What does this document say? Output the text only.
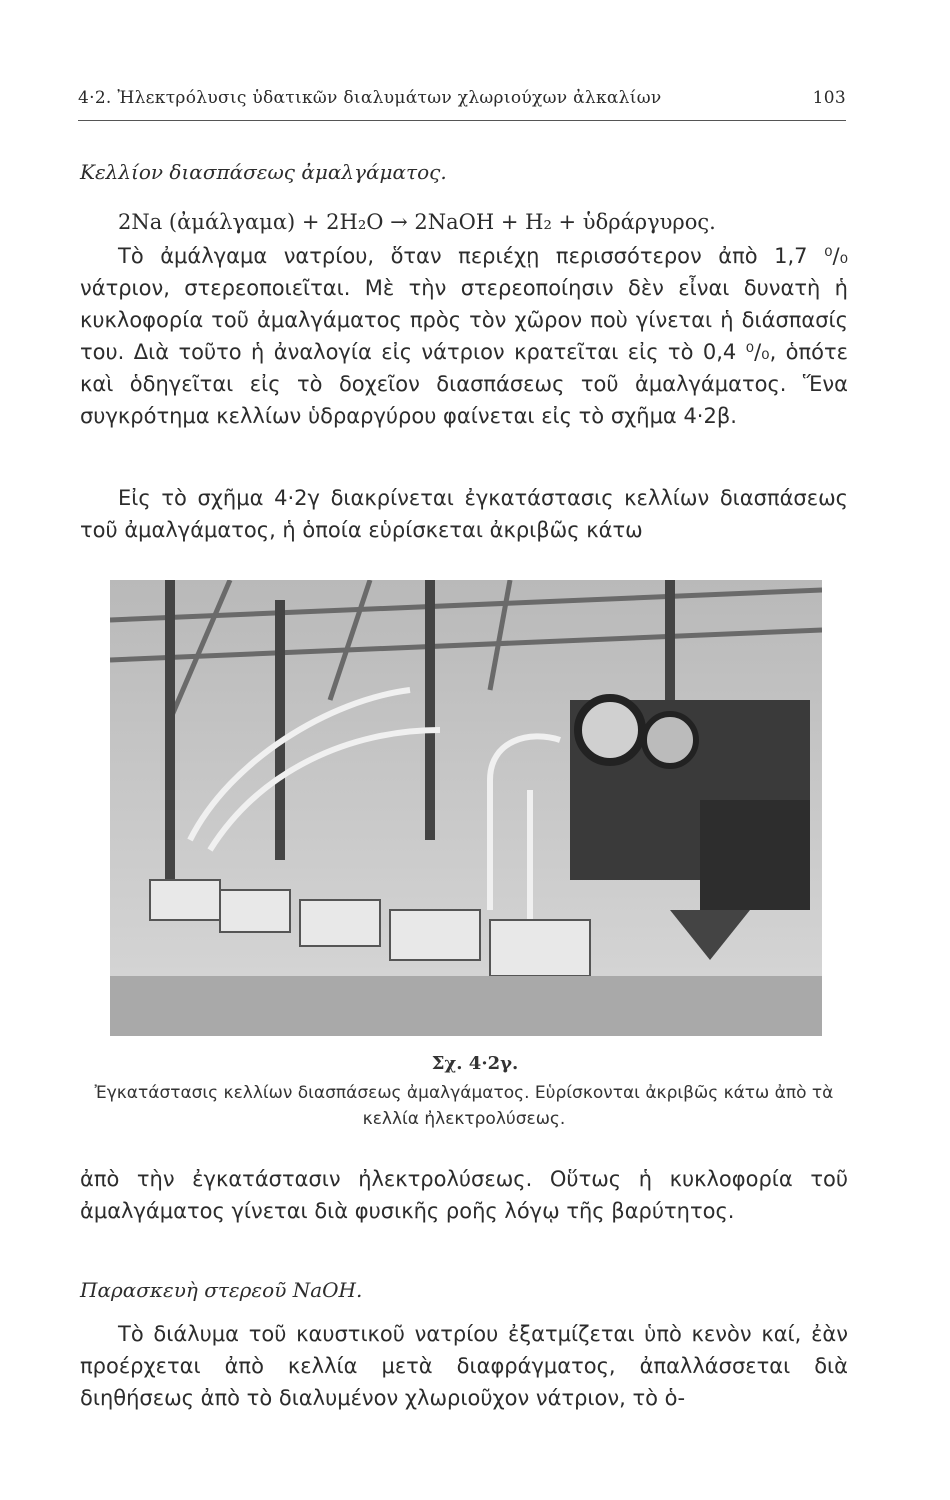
4·2. Ἠλεκτρόλυσις ὑδατικῶν διαλυμάτων χλωριούχων ἀλκαλίων	103
Κελλίον διασπάσεως ἀμαλγάματος.
2Na (ἀμάλγαμα) + 2H₂O → 2NaOH + H₂ + ὑδράργυρος.
Τὸ ἀμάλγαμα νατρίου, ὅταν περιέχῃ περισσότερον ἀπὸ 1,7 ⁰/₀ νάτριον, στερεοποιεῖται. Μὲ τὴν στερεοποίησιν δὲν εἶναι δυνατὴ ἡ κυκλοφορία τοῦ ἀμαλγάματος πρὸς τὸν χῶρον ποὺ γίνεται ἡ διάσπασίς του. Διὰ τοῦτο ἡ ἀναλογία εἰς νάτριον κρατεῖται εἰς τὸ 0,4 ⁰/₀, ὁπότε καὶ ὁδηγεῖται εἰς τὸ δοχεῖον διασπάσεως τοῦ ἀμαλγάματος. Ἕνα συγκρότημα κελλίων ὑδραργύρου φαίνεται εἰς τὸ σχῆμα 4·2β.
Εἰς τὸ σχῆμα 4·2γ διακρίνεται ἐγκατάστασις κελλίων διασπάσεως τοῦ ἀμαλγάματος, ἡ ὁποία εὑρίσκεται ἀκριβῶς κάτω
Σχ. 4·2γ.
Ἐγκατάστασις κελλίων διασπάσεως ἀμαλγάματος. Εὑρίσκονται ἀκριβῶς κάτω ἀπὸ τὰ κελλία ἠλεκτρολύσεως.
ἀπὸ τὴν ἐγκατάστασιν ἠλεκτρολύσεως. Οὕτως ἡ κυκλοφορία τοῦ ἀμαλγάματος γίνεται διὰ φυσικῆς ροῆς λόγῳ τῆς βαρύτητος.
Παρασκευὴ στερεοῦ NaOH.
Τὸ διάλυμα τοῦ καυστικοῦ νατρίου ἐξατμίζεται ὑπὸ κενὸν καί, ἐὰν προέρχεται ἀπὸ κελλία μετὰ διαφράγματος, ἀπαλλάσσεται διὰ διηθήσεως ἀπὸ τὸ διαλυμένον χλωριοῦχον νάτριον, τὸ ὁ-
